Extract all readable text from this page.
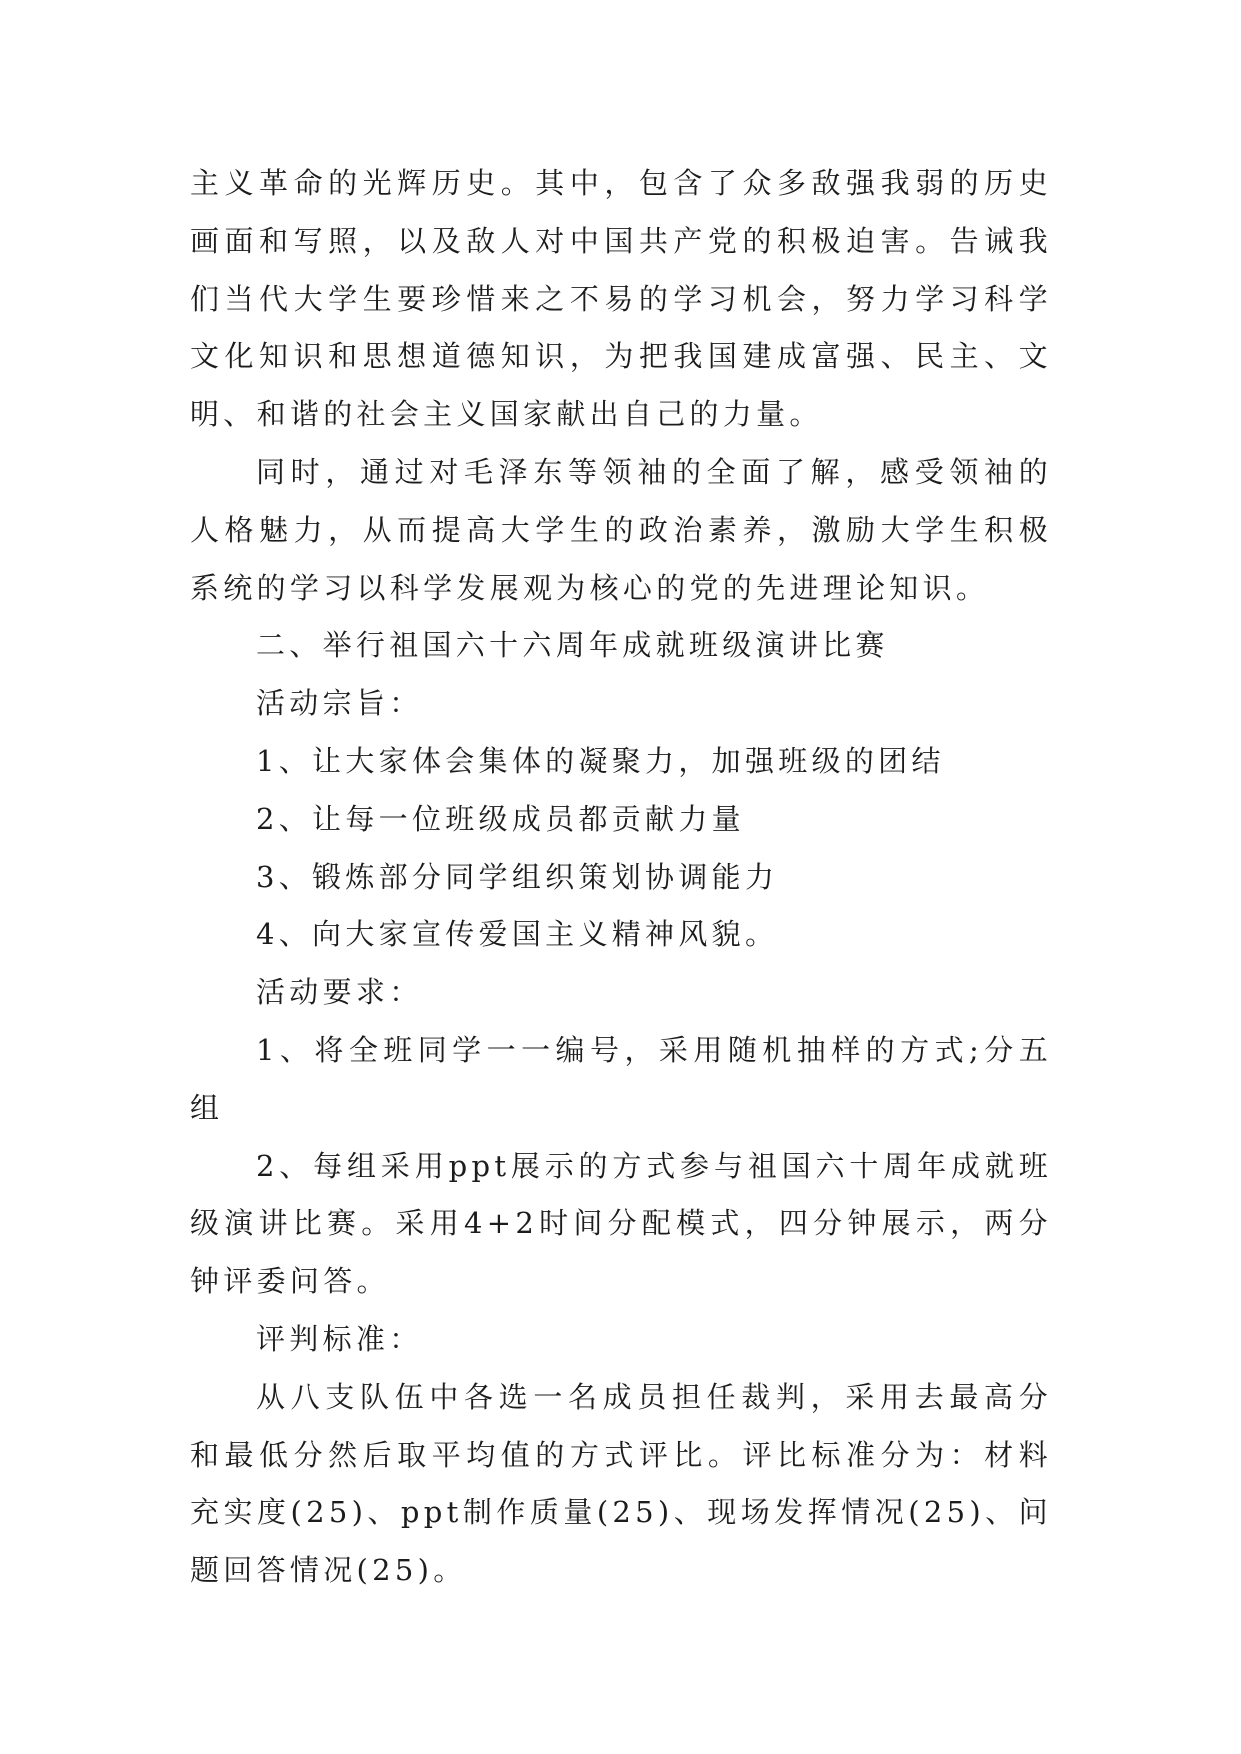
主义革命的光辉历史。其中，包含了众多敌强我弱的历史画面和写照，以及敌人对中国共产党的积极迫害。告诫我们当代大学生要珍惜来之不易的学习机会，努力学习科学文化知识和思想道德知识，为把我国建成富强、民主、文明、和谐的社会主义国家献出自己的力量。

同时，通过对毛泽东等领袖的全面了解，感受领袖的人格魅力，从而提高大学生的政治素养，激励大学生积极系统的学习以科学发展观为核心的党的先进理论知识。

二、举行祖国六十六周年成就班级演讲比赛

活动宗旨：

1、让大家体会集体的凝聚力，加强班级的团结

2、让每一位班级成员都贡献力量

3、锻炼部分同学组织策划协调能力

4、向大家宣传爱国主义精神风貌。

活动要求：

1、将全班同学一一编号，采用随机抽样的方式;分五组

2、每组采用ppt展示的方式参与祖国六十周年成就班级演讲比赛。采用4+2时间分配模式，四分钟展示，两分钟评委问答。

评判标准：

从八支队伍中各选一名成员担任裁判，采用去最高分和最低分然后取平均值的方式评比。评比标准分为：材料充实度(25)、ppt制作质量(25)、现场发挥情况(25)、问题回答情况(25)。
